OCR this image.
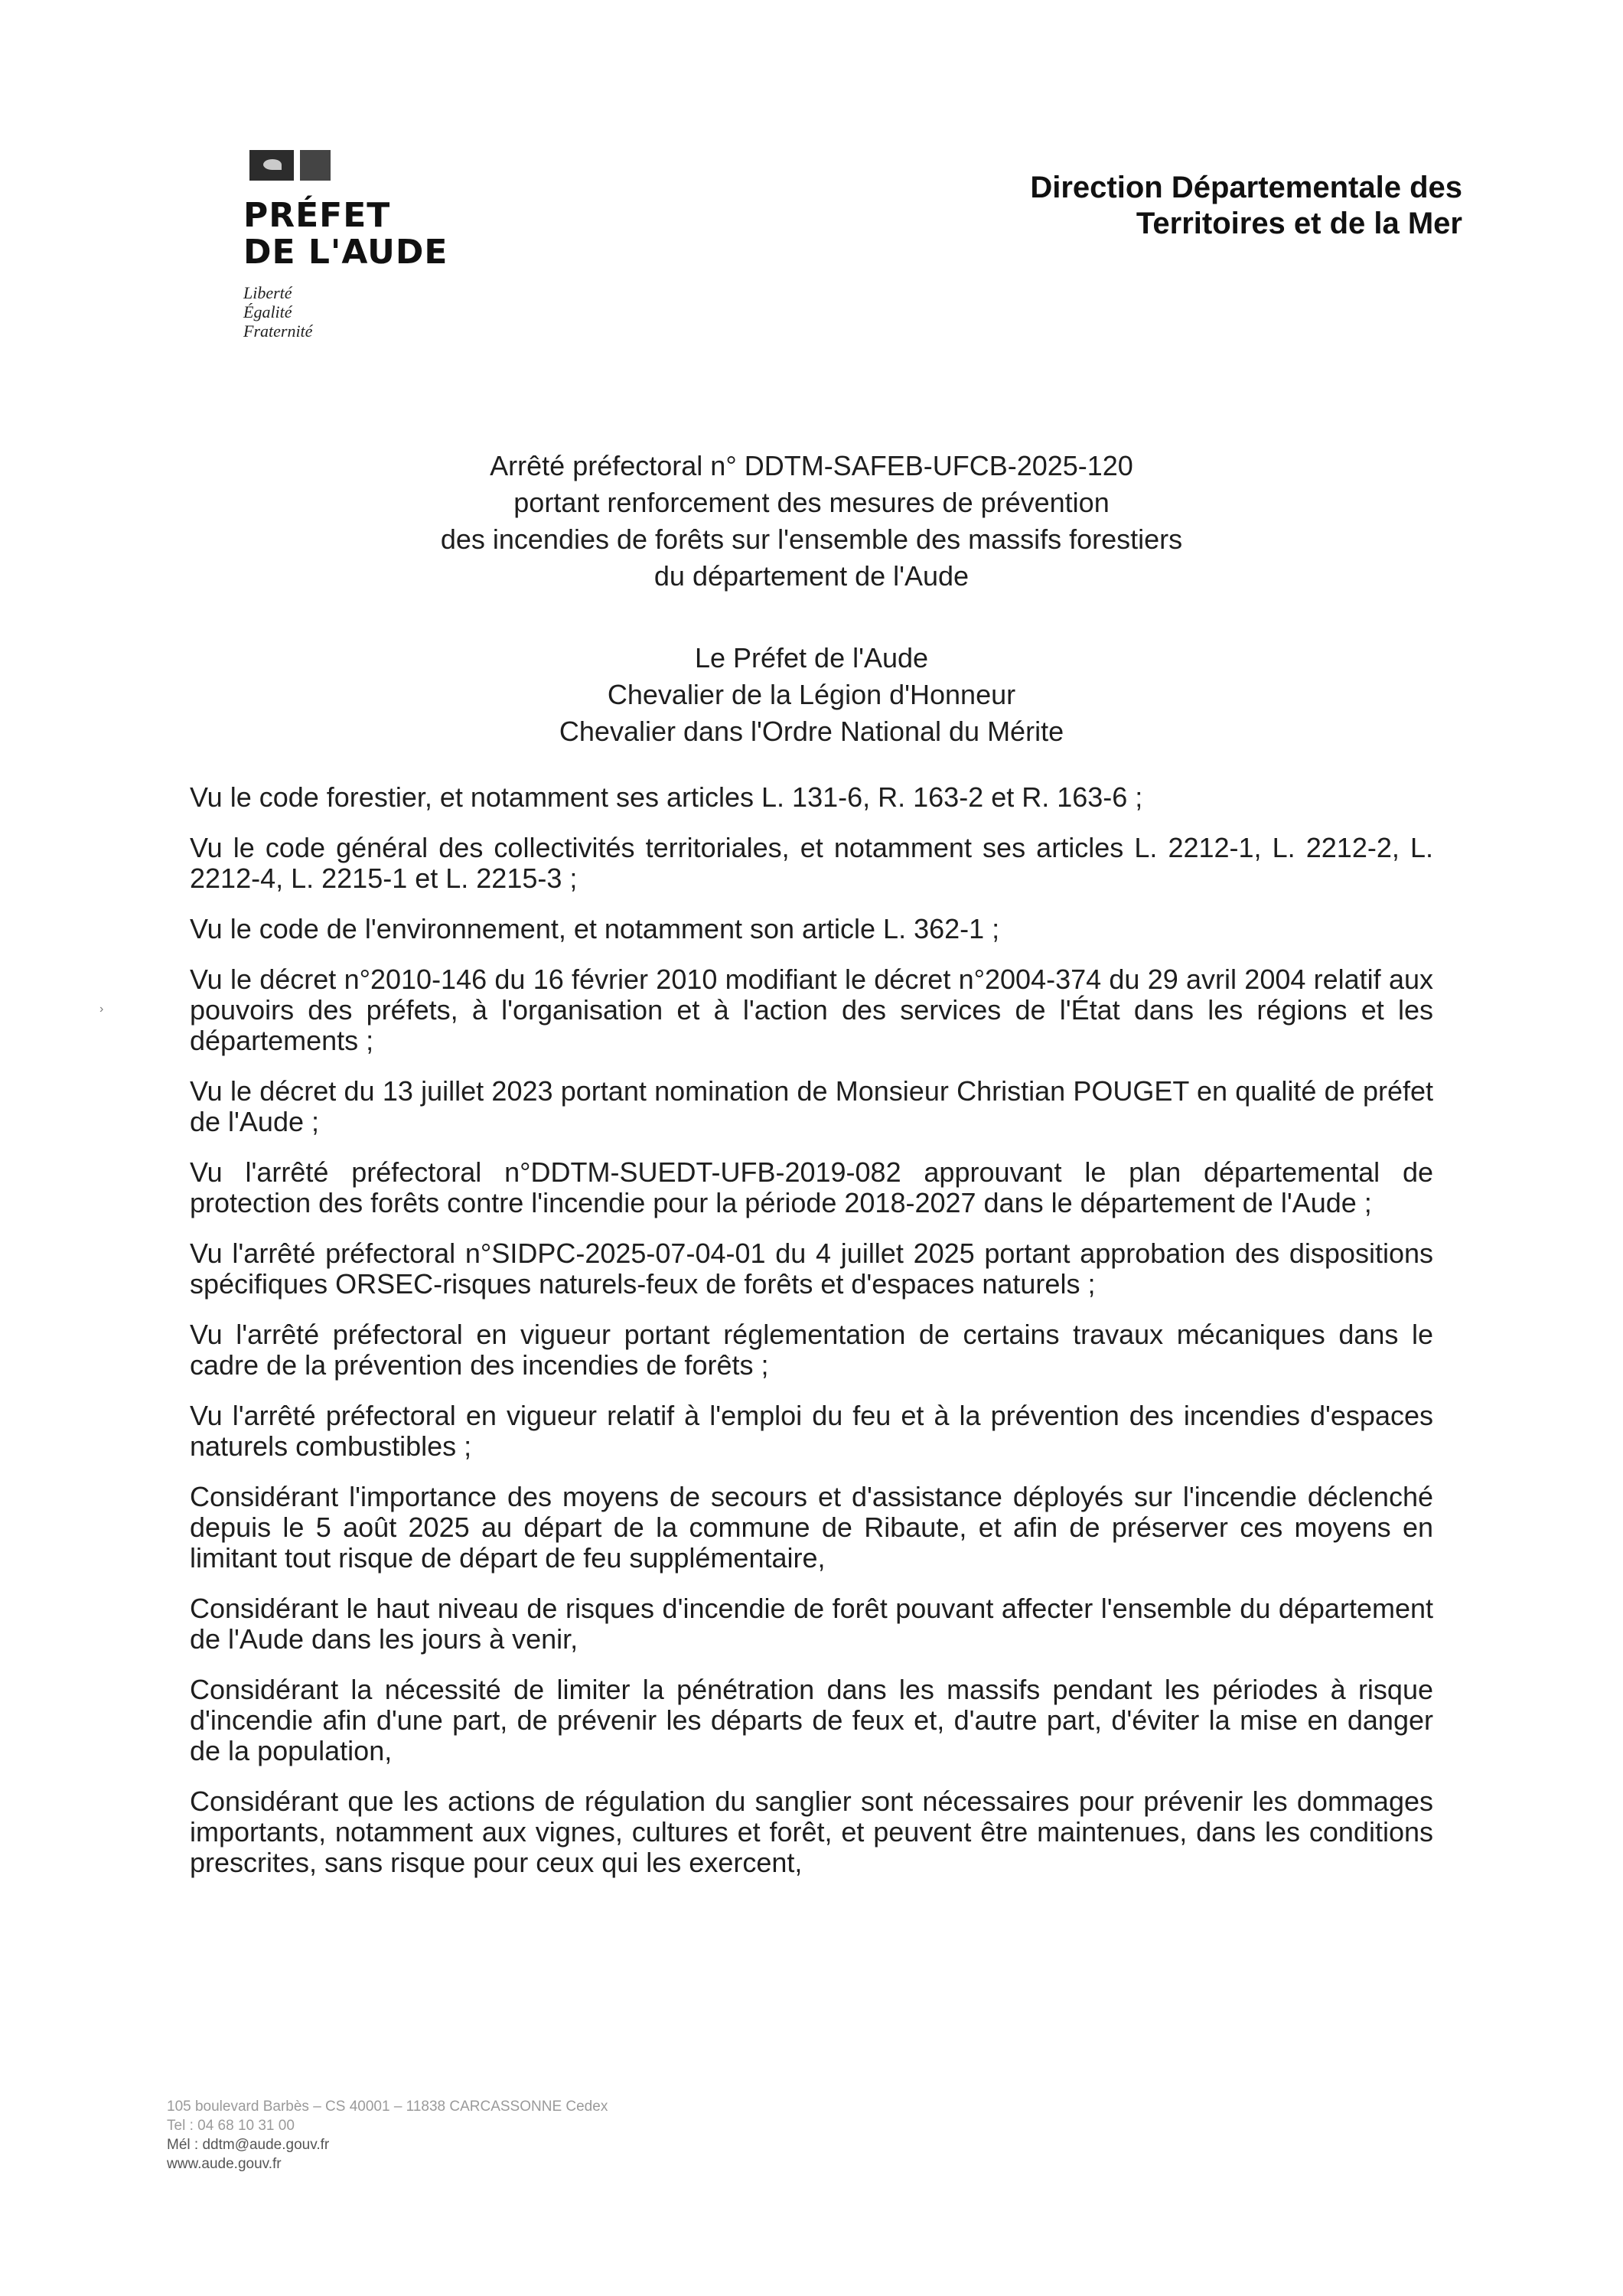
PRÉFET
DE L'AUDE
Liberté
Égalité
Fraternité
Direction Départementale des
Territoires et de la Mer
Arrêté préfectoral n° DDTM-SAFEB-UFCB-2025-120
portant renforcement des mesures de prévention
des incendies de forêts sur l'ensemble des massifs forestiers
du département de l'Aude
Le Préfet de l'Aude
Chevalier de la Légion d'Honneur
Chevalier dans l'Ordre National du Mérite

Vu le code forestier, et notamment ses articles L. 131-6, R. 163-2 et R. 163-6 ;

Vu le code général des collectivités territoriales, et notamment ses articles L. 2212-1, L. 2212-2, L. 2212-4, L. 2215-1 et L. 2215-3 ;

Vu le code de l'environnement, et notamment son article L. 362-1 ;

Vu le décret n°2010-146 du 16 février 2010 modifiant le décret n°2004-374 du 29 avril 2004 relatif aux pouvoirs des préfets, à l'organisation et à l'action des services de l'État dans les régions et les départements ;

Vu le décret du 13 juillet 2023 portant nomination de Monsieur Christian POUGET en qualité de préfet de l'Aude ;

Vu l'arrêté préfectoral n°DDTM-SUEDT-UFB-2019-082 approuvant le plan départemental de protection des forêts contre l'incendie pour la période 2018-2027 dans le département de l'Aude ;

Vu l'arrêté préfectoral n°SIDPC-2025-07-04-01 du 4 juillet 2025 portant approbation des dispositions spécifiques ORSEC-risques naturels-feux de forêts et d'espaces naturels ;

Vu l'arrêté préfectoral en vigueur portant réglementation de certains travaux mécaniques dans le cadre de la prévention des incendies de forêts ;

Vu l'arrêté préfectoral en vigueur relatif à l'emploi du feu et à la prévention des incendies d'espaces naturels combustibles ;

Considérant l'importance des moyens de secours et d'assistance déployés sur l'incendie déclenché depuis le 5 août 2025 au départ de la commune de Ribaute, et afin de préserver ces moyens en limitant tout risque de départ de feu supplémentaire,

Considérant le haut niveau de risques d'incendie de forêt pouvant affecter l'ensemble du département de l'Aude dans les jours à venir,

Considérant la nécessité de limiter la pénétration dans les massifs pendant les périodes à risque d'incendie afin d'une part, de prévenir les départs de feux et, d'autre part, d'éviter la mise en danger de la population,

Considérant que les actions de régulation du sanglier sont nécessaires pour prévenir les dommages importants, notamment aux vignes, cultures et forêt, et peuvent être maintenues, dans les conditions prescrites, sans risque pour ceux qui les exercent,

›
105 boulevard Barbès – CS 40001 – 11838 CARCASSONNE Cedex
Tel : 04 68 10 31 00
Mél : ddtm@aude.gouv.fr
www.aude.gouv.fr
